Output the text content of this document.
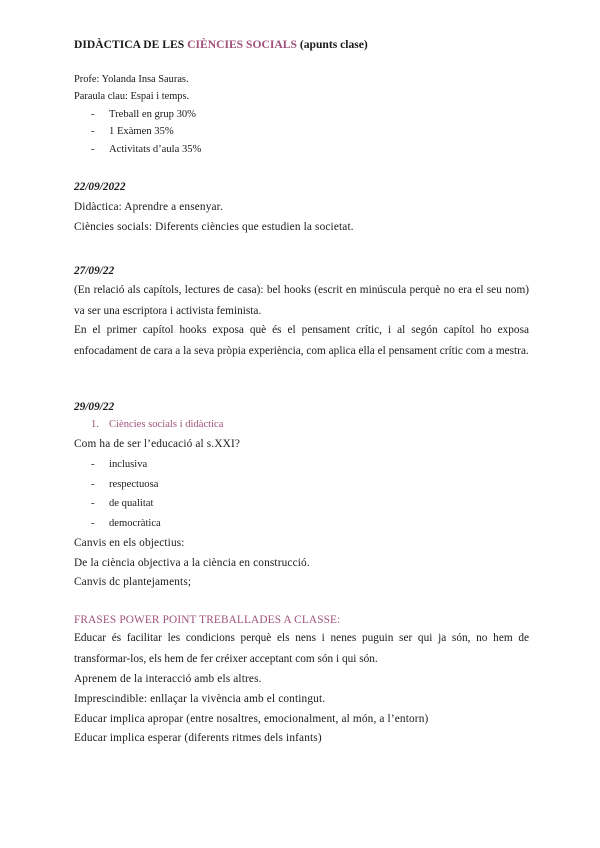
DIDÀCTICA DE LES CIÈNCIES SOCIALS (apunts clase)
Profe: Yolanda Insa Sauras.
Paraula clau: Espai i temps.
- Treball en grup 30%
- 1 Exàmen 35%
- Activitats d’aula 35%
22/09/2022
Didàctica: Aprendre a ensenyar.
Ciències socials: Diferents ciències que estudien la societat.
27/09/22
(En relació als capítols, lectures de casa): bel hooks (escrit en minúscula perquè no era el seu nom) va ser una escriptora i activista feminista.
En el primer capítol hooks exposa què és el pensament crític, i al segón capítol ho exposa enfocadament de cara a la seva pròpia experiència, com aplica ella el pensament crític com a mestra.
29/09/22
1. Ciències socials i didàctica
Com ha de ser l’educació al s.XXI?
- inclusiva
- respectuosa
- de qualitat
- democràtica
Canvis en els objectius:
De la ciència objectiva a la ciència en construcció.
Canvis dc plantejaments;
FRASES POWER POINT TREBALLADES A CLASSE:
Educar és facilitar les condicions perquè els nens i nenes puguin ser qui ja són, no hem de transformar-los, els hem de fer créixer acceptant com són i qui són.
Aprenem de la interacció amb els altres.
Imprescindible: enllaçar la vivència amb el contingut.
Educar implica apropar (entre nosaltres, emocionalment, al món, a l’entorn)
Educar implica esperar (diferents ritmes dels infants)
